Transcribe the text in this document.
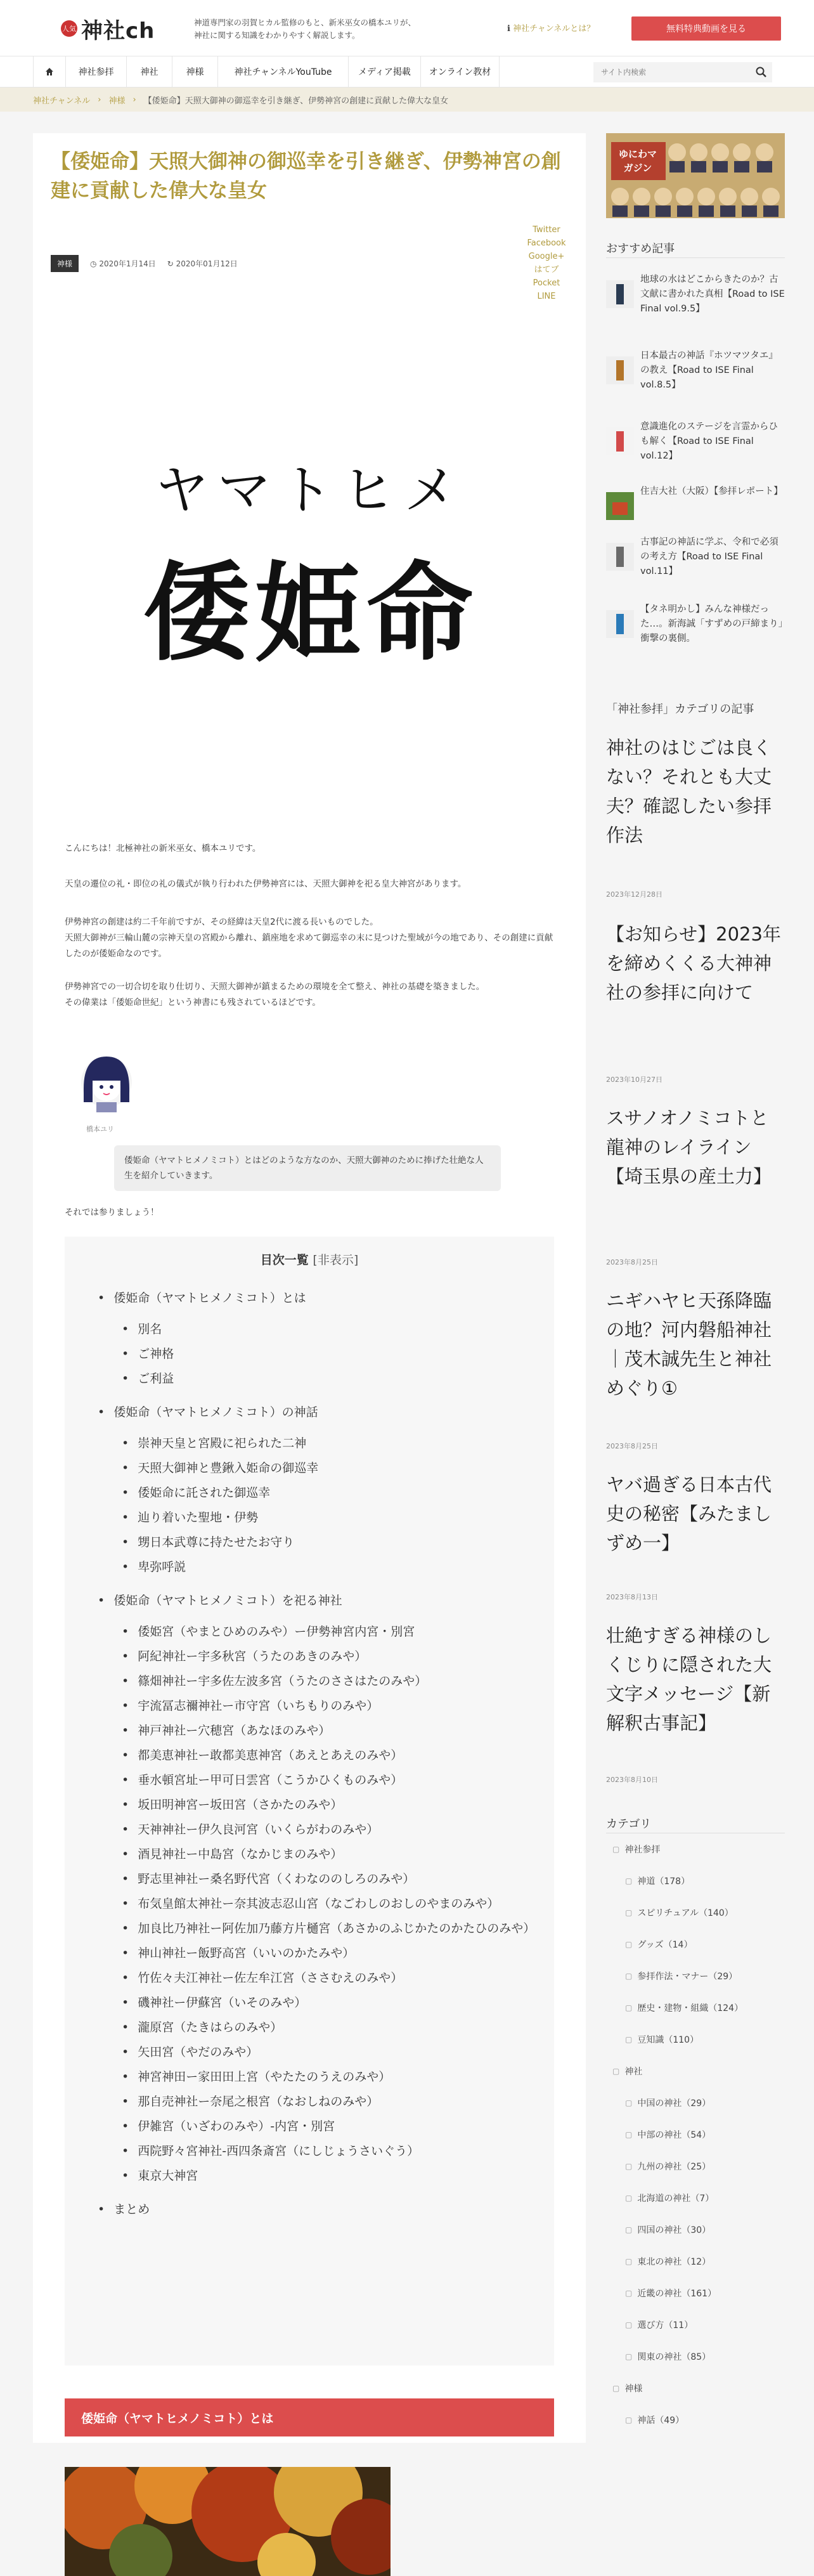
人気 神社ch	神道専門家の羽賀ヒカル監修のもと、新米巫女の橋本ユリが、
神社に関する知識をわかりやすく解説します。
ℹ 神社チャンネルとは？	無料特典動画を見る
神社参拝	神社	神様	神社チャンネルYouTube	メディア掲載	オンライン教材
サイト内検索
神社チャンネル › 神様 › 【倭姫命】天照大御神の御巡幸を引き継ぎ、伊勢神宮の創建に貢献した偉大な皇女
【倭姫命】天照大御神の御巡幸を引き継ぎ、伊勢神宮の創建に貢献した偉大な皇女
神様	◷ 2020年1月14日 ↻ 2020年01月12日
Twitter
Facebook
Google+
はてブ
Pocket
LINE
ヤマトヒメ
倭姫命

こんにちは！北極神社の新米巫女、橋本ユリです。

天皇の遷位の礼・即位の礼の儀式が執り行われた伊勢神宮には、天照大御神を祀る皇大神宮があります。

伊勢神宮の創建は約二千年前ですが、その経緯は天皇2代に渡る長いものでした。
天照大御神が三輪山麓の宗神天皇の宮殿から離れ、鎮座地を求めて御巡幸の末に見つけた聖域が今の地であり、その創建に貢献したのが倭姫命なのです。
伊勢神宮での一切合切を取り仕切り、天照大御神が鎮まるための環境を全て整え、神社の基礎を築きました。
その偉業は「倭姫命世紀」という神書にも残されているほどです。
橋本ユリ
倭姫命（ヤマトヒメノミコト）とはどのような方なのか、天照大御神のために捧げた壮絶な人生を紹介していきます。

それでは参りましょう！

目次一覧 [非表示]
• 倭姫命（ヤマトヒメノミコト）とは
• 別名
• ご神格
• ご利益
• 倭姫命（ヤマトヒメノミコト）の神話
• 崇神天皇と宮殿に祀られた二神
• 天照大御神と豊鍬入姫命の御巡幸
• 倭姫命に託された御巡幸
• 辿り着いた聖地・伊勢
• 甥日本武尊に持たせたお守り
• 卑弥呼説
• 倭姫命（ヤマトヒメノミコト）を祀る神社
• 倭姫宮（やまとひめのみや）ー伊勢神宮内宮・別宮
• 阿紀神社ー宇多秋宮（うたのあきのみや）
• 篠畑神社ー宇多佐左波多宮（うたのささはたのみや）
• 宇流冨志禰神社ー市守宮（いちもりのみや）
• 神戸神社ー穴穂宮（あなほのみや）
• 都美恵神社ー敢都美恵神宮（あえとあえのみや）
• 垂水頓宮址ー甲可日雲宮（こうかひくものみや）
• 坂田明神宮ー坂田宮（さかたのみや）
• 天神神社ー伊久良河宮（いくらがわのみや）
• 酒見神社ー中島宮（なかじまのみや）
• 野志里神社ー桑名野代宮（くわなののしろのみや）
• 布気皇館太神社ー奈其波志忍山宮（なごわしのおしのやまのみや）
• 加良比乃神社ー阿佐加乃藤方片樋宮（あさかのふじかたのかたひのみや）
• 神山神社ー飯野高宮（いいのかたみや）
• 竹佐々夫江神社ー佐左牟江宮（ささむえのみや）
• 磯神社ー伊蘇宮（いそのみや）
• 瀧原宮（たきはらのみや）
• 矢田宮（やだのみや）
• 神宮神田ー家田田上宮（やたたのうえのみや）
• 那自売神社ー奈尾之根宮（なおしねのみや）
• 伊雑宮（いざわのみや）-内宮・別宮
• 西院野々宮神社-西四条斎宮（にしじょうさいぐう）
• 東京大神宮
• まとめ
倭姫命（ヤマトヒメノミコト）とは
ゆにわマガジン
おすすめ記事
地球の水はどこからきたのか？古文献に書かれた真相【Road to ISE Final vol.9.5】
日本最古の神話『ホツマツタエ』の教え【Road to ISE Final vol.8.5】
意識進化のステージを言霊からひも解く【Road to ISE Final vol.12】
住吉大社（大阪）【参拝レポート】
古事記の神話に学ぶ、令和で必須の考え方【Road to ISE Final vol.11】
【タネ明かし】みんな神様だった…。新海誠「すずめの戸締まり」衝撃の裏側。
「神社参拝」カテゴリの記事
神社のはじごは良くない？それとも大丈夫？確認したい参拝作法
2023年12月28日
【お知らせ】2023年を締めくくる大神神社の参拝に向けて
2023年10月27日
スサノオノミコトと龍神のレイライン【埼玉県の産土力】
2023年8月25日
ニギハヤヒ天孫降臨の地？河内磐船神社｜茂木誠先生と神社めぐり①
2023年8月25日
ヤバ過ぎる日本古代史の秘密【みたましずめ一】
2023年8月13日
壮絶すぎる神様のしくじりに隠された大文字メッセージ【新解釈古事記】
2023年8月10日
カテゴリ
▢ 神社参拝
▢ 神道（178）
▢ スピリチュアル（140）
▢ グッズ（14）
▢ 参拝作法・マナー（29）
▢ 歴史・建物・組織（124）
▢ 豆知識（110）
▢ 神社
▢ 中国の神社（29）
▢ 中部の神社（54）
▢ 九州の神社（25）
▢ 北海道の神社（7）
▢ 四国の神社（30）
▢ 東北の神社（12）
▢ 近畿の神社（161）
▢ 選び方（11）
▢ 関東の神社（85）
▢ 神様
▢ 神話（49）
